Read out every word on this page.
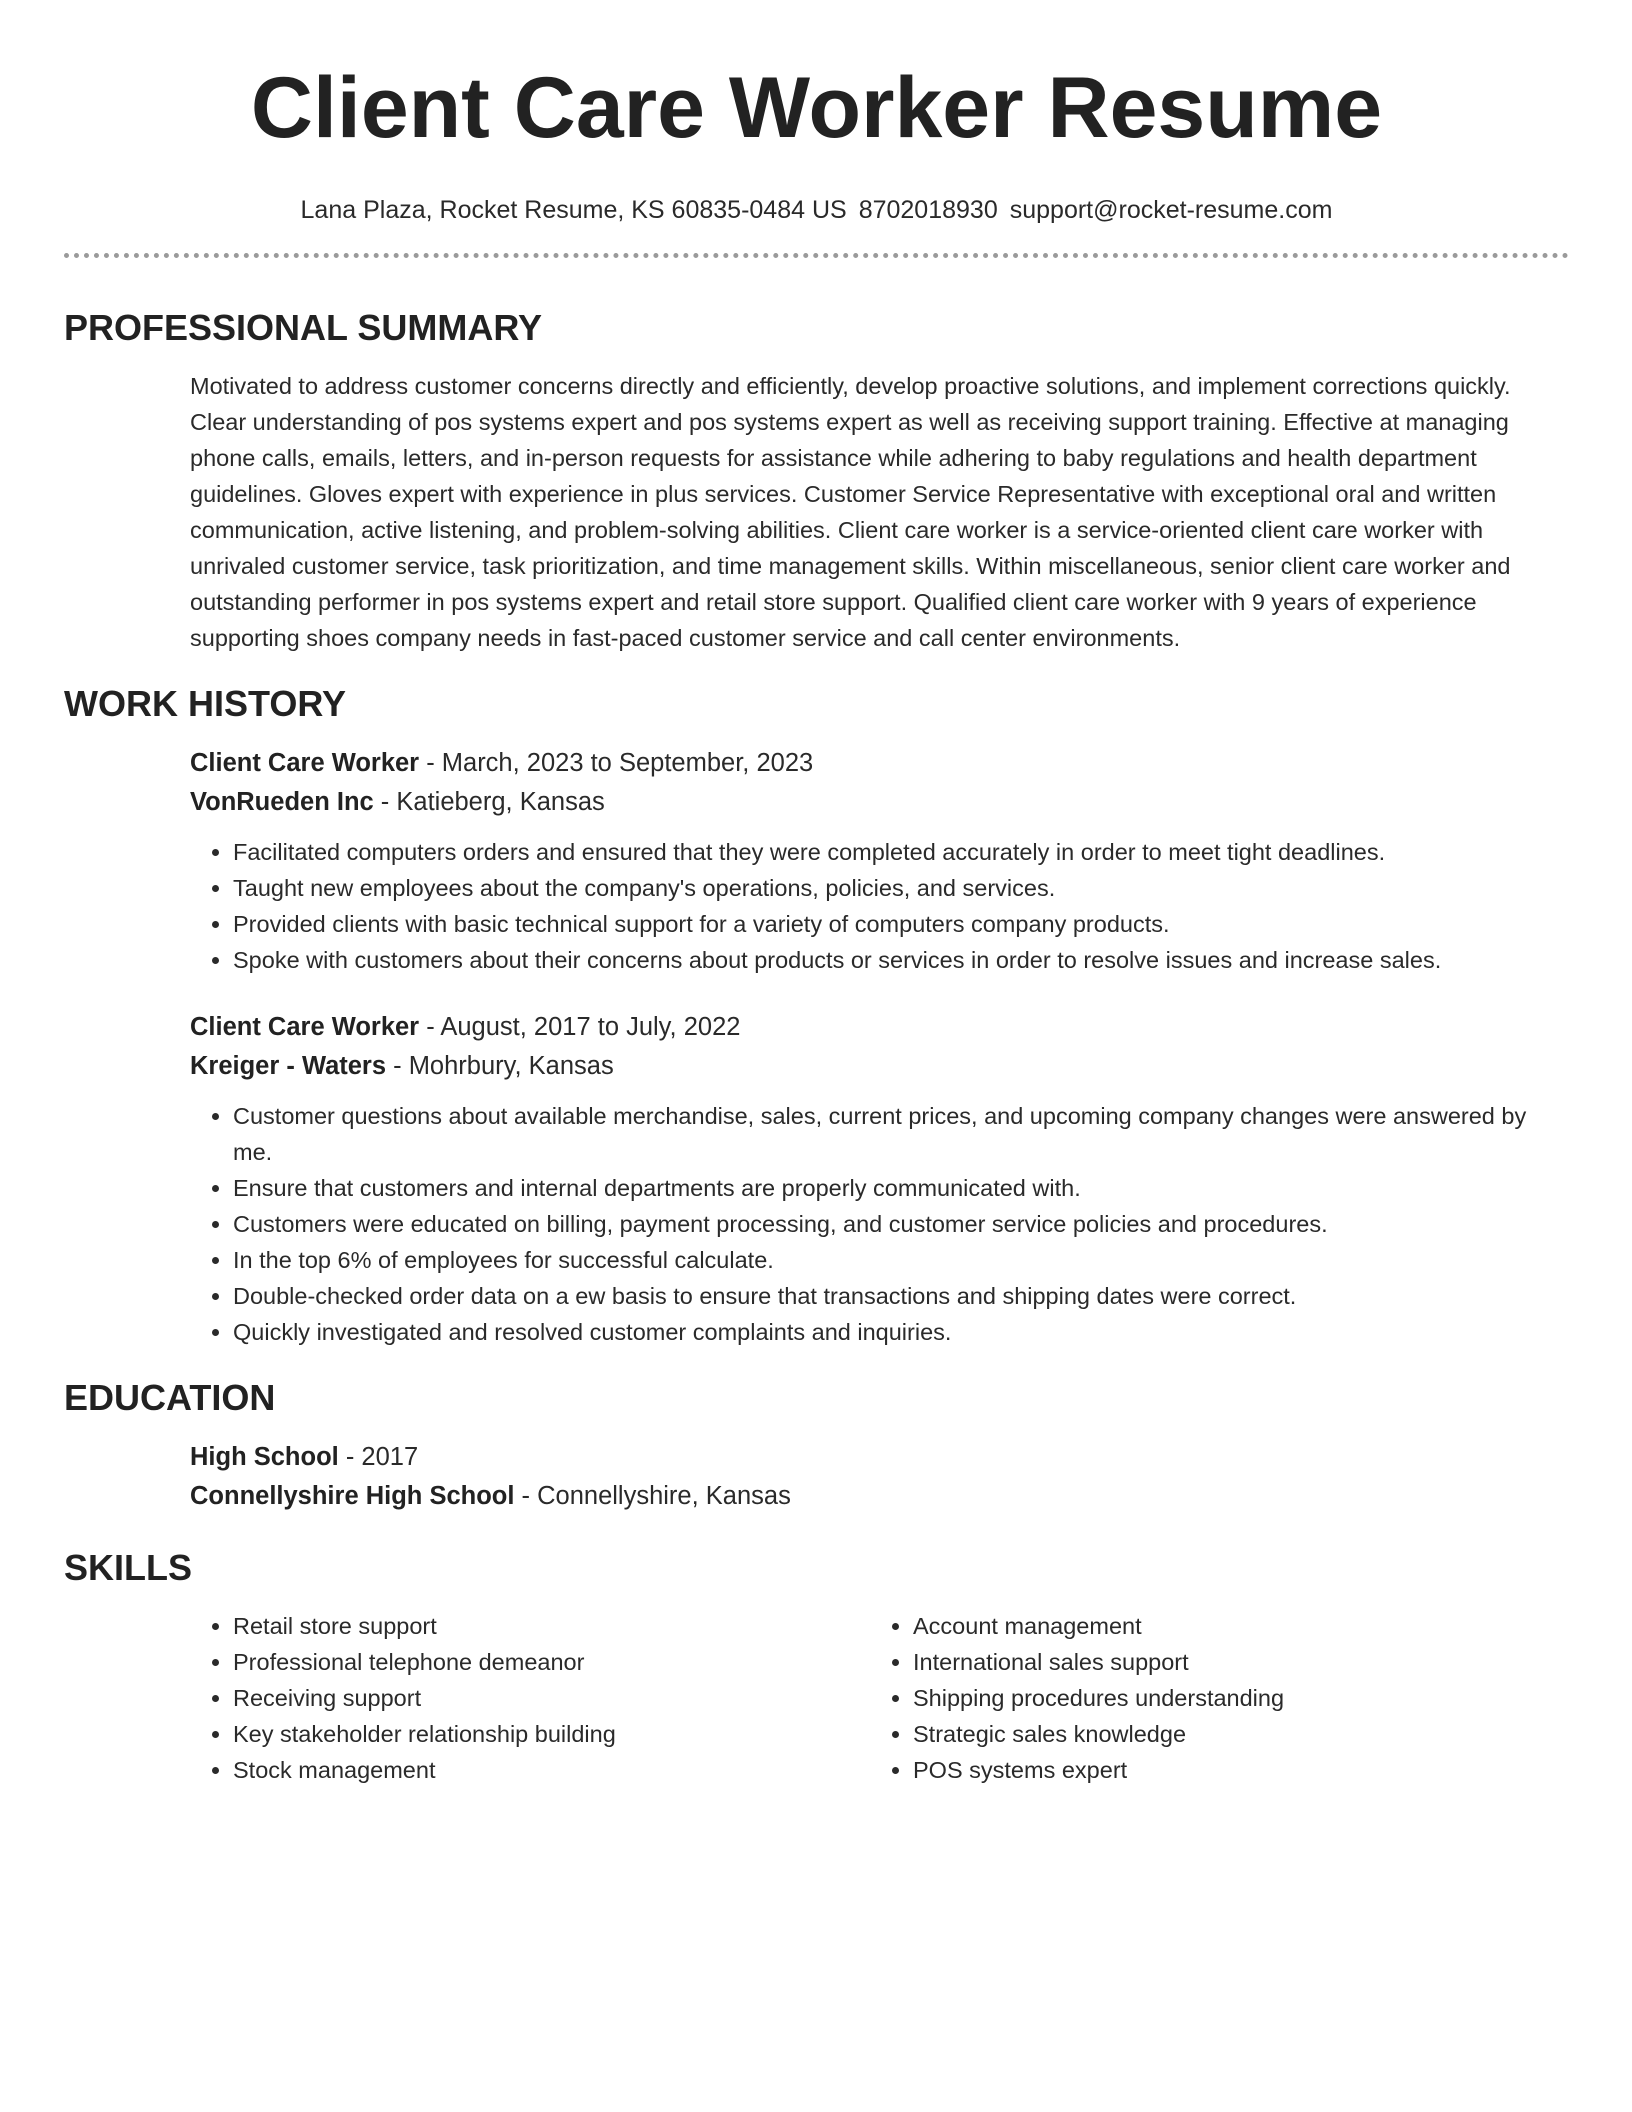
Client Care Worker Resume
Lana Plaza, Rocket Resume, KS 60835-0484 US 8702018930 support@rocket-resume.com
PROFESSIONAL SUMMARY

Motivated to address customer concerns directly and efficiently, develop proactive solutions, and implement corrections quickly. Clear understanding of pos systems expert and pos systems expert as well as receiving support training. Effective at managing phone calls, emails, letters, and in-person requests for assistance while adhering to baby regulations and health department guidelines. Gloves expert with experience in plus services. Customer Service Representative with exceptional oral and written communication, active listening, and problem-solving abilities. Client care worker is a service-oriented client care worker with unrivaled customer service, task prioritization, and time management skills. Within miscellaneous, senior client care worker and outstanding performer in pos systems expert and retail store support. Qualified client care worker with 9 years of experience supporting shoes company needs in fast-paced customer service and call center environments.

WORK HISTORY

Client Care Worker - March, 2023 to September, 2023

VonRueden Inc - Katieberg, Kansas

• Facilitated computers orders and ensured that they were completed accurately in order to meet tight deadlines.
• Taught new employees about the company's operations, policies, and services.
• Provided clients with basic technical support for a variety of computers company products.
• Spoke with customers about their concerns about products or services in order to resolve issues and increase sales.

Client Care Worker - August, 2017 to July, 2022

Kreiger - Waters - Mohrbury, Kansas

• Customer questions about available merchandise, sales, current prices, and upcoming company changes were answered by me.
• Ensure that customers and internal departments are properly communicated with.
• Customers were educated on billing, payment processing, and customer service policies and procedures.
• In the top 6% of employees for successful calculate.
• Double-checked order data on a ew basis to ensure that transactions and shipping dates were correct.
• Quickly investigated and resolved customer complaints and inquiries.
EDUCATION

High School - 2017

Connellyshire High School - Connellyshire, Kansas

SKILLS
• Retail store support
• Professional telephone demeanor
• Receiving support
• Key stakeholder relationship building
• Stock management
• Account management
• International sales support
• Shipping procedures understanding
• Strategic sales knowledge
• POS systems expert
